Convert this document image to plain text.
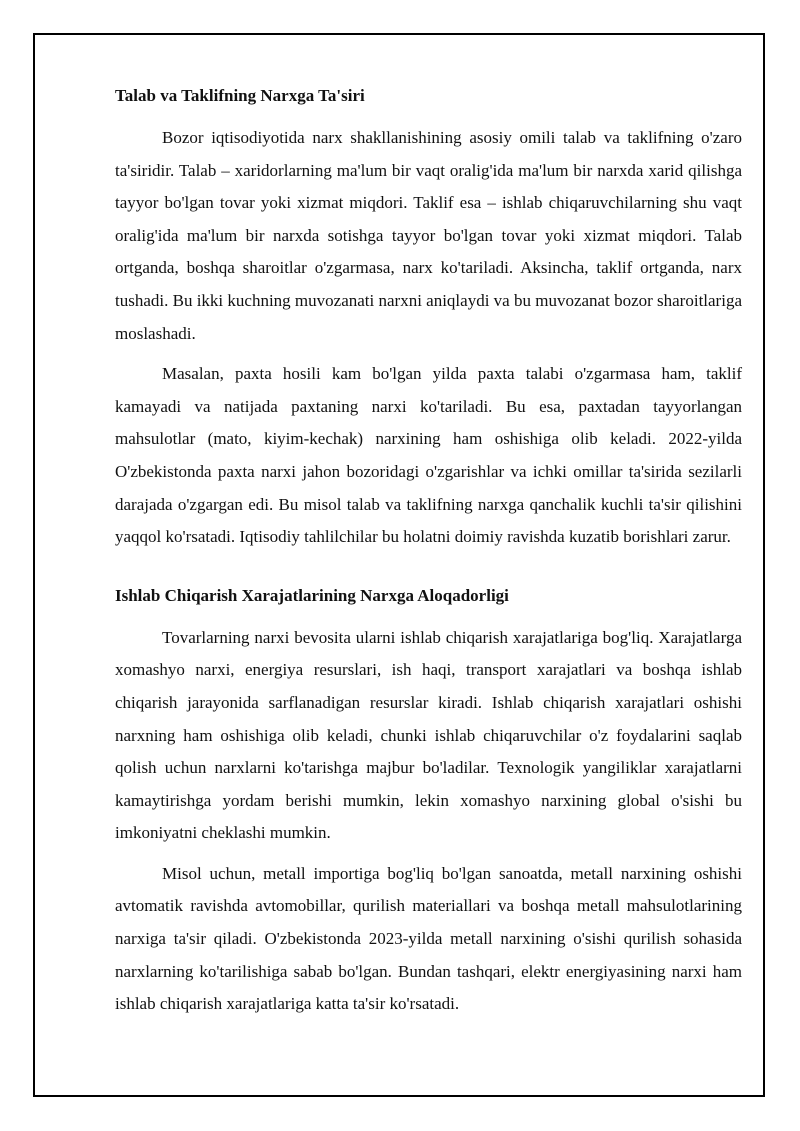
Talab va Taklifning Narxga Ta'siri

Bozor iqtisodiyotida narx shakllanishining asosiy omili talab va taklifning o'zaro ta'siridir. Talab – xaridorlarning ma'lum bir vaqt oralig'ida ma'lum bir narxda xarid qilishga tayyor bo'lgan tovar yoki xizmat miqdori. Taklif esa – ishlab chiqaruvchilarning shu vaqt oralig'ida ma'lum bir narxda sotishga tayyor bo'lgan tovar yoki xizmat miqdori. Talab ortganda, boshqa sharoitlar o'zgarmasa, narx ko'tariladi. Aksincha, taklif ortganda, narx tushadi. Bu ikki kuchning muvozanati narxni aniqlaydi va bu muvozanat bozor sharoitlariga moslashadi.

Masalan, paxta hosili kam bo'lgan yilda paxta talabi o'zgarmasa ham, taklif kamayadi va natijada paxtaning narxi ko'tariladi. Bu esa, paxtadan tayyorlangan mahsulotlar (mato, kiyim-kechak) narxining ham oshishiga olib keladi. 2022-yilda O'zbekistonda paxta narxi jahon bozoridagi o'zgarishlar va ichki omillar ta'sirida sezilarli darajada o'zgargan edi. Bu misol talab va taklifning narxga qanchalik kuchli ta'sir qilishini yaqqol ko'rsatadi. Iqtisodiy tahlilchilar bu holatni doimiy ravishda kuzatib borishlari zarur.

Ishlab Chiqarish Xarajatlarining Narxga Aloqadorligi

Tovarlarning narxi bevosita ularni ishlab chiqarish xarajatlariga bog'liq. Xarajatlarga xomashyo narxi, energiya resurslari, ish haqi, transport xarajatlari va boshqa ishlab chiqarish jarayonida sarflanadigan resurslar kiradi. Ishlab chiqarish xarajatlari oshishi narxning ham oshishiga olib keladi, chunki ishlab chiqaruvchilar o'z foydalarini saqlab qolish uchun narxlarni ko'tarishga majbur bo'ladilar. Texnologik yangiliklar xarajatlarni kamaytirishga yordam berishi mumkin, lekin xomashyo narxining global o'sishi bu imkoniyatni cheklashi mumkin.

Misol uchun, metall importiga bog'liq bo'lgan sanoatda, metall narxining oshishi avtomatik ravishda avtomobillar, qurilish materiallari va boshqa metall mahsulotlarining narxiga ta'sir qiladi. O'zbekistonda 2023-yilda metall narxining o'sishi qurilish sohasida narxlarning ko'tarilishiga sabab bo'lgan. Bundan tashqari, elektr energiyasining narxi ham ishlab chiqarish xarajatlariga katta ta'sir ko'rsatadi.
